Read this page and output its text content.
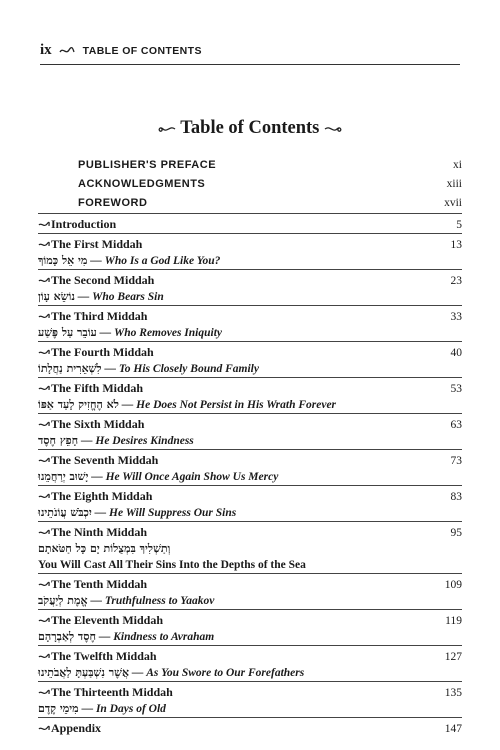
ix	TABLE OF CONTENTS
Table of Contents
PUBLISHER'S PREFACE	xi
ACKNOWLEDGMENTS	xiii
FOREWORD	xvii
Introduction	5
The First Middah	13
מִי אֵל כָּמוֹךָ — Who Is a God Like You?
The Second Middah	23
נוֹשֵׂא עָוֹן — Who Bears Sin
The Third Middah	33
עוֹבֵר עַל פֶּשַׁע — Who Removes Iniquity
The Fourth Middah	40
לִשְׁאֵרִית נַחֲלָתוֹ — To His Closely Bound Family
The Fifth Middah	53
לֹא הֶחֱזִיק לָעַד אַפּוֹ — He Does Not Persist in His Wrath Forever
The Sixth Middah	63
חָפֵץ חֶסֶד — He Desires Kindness
The Seventh Middah	73
יָשׁוּב יְרַחֲמֵנוּ — He Will Once Again Show Us Mercy
The Eighth Middah	83
יִכְבֹּשׁ עֲוֹנֹתֵינוּ — He Will Suppress Our Sins
The Ninth Middah	95
וְתַשְׁלִיךְ בִּמְצֻלוֹת יָם כָּל חַטֹּאתָם
You Will Cast All Their Sins Into the Depths of the Sea
The Tenth Middah	109
אֱמֶת לְיַעֲקֹב — Truthfulness to Yaakov
The Eleventh Middah	119
חֶסֶד לְאַבְרָהָם — Kindness to Avraham
The Twelfth Middah	127
אֲשֶׁר נִשְׁבַּעְתָּ לַאֲבֹתֵינוּ — As You Swore to Our Forefathers
The Thirteenth Middah	135
מִימֵי קֶדֶם — In Days of Old
Appendix	147
